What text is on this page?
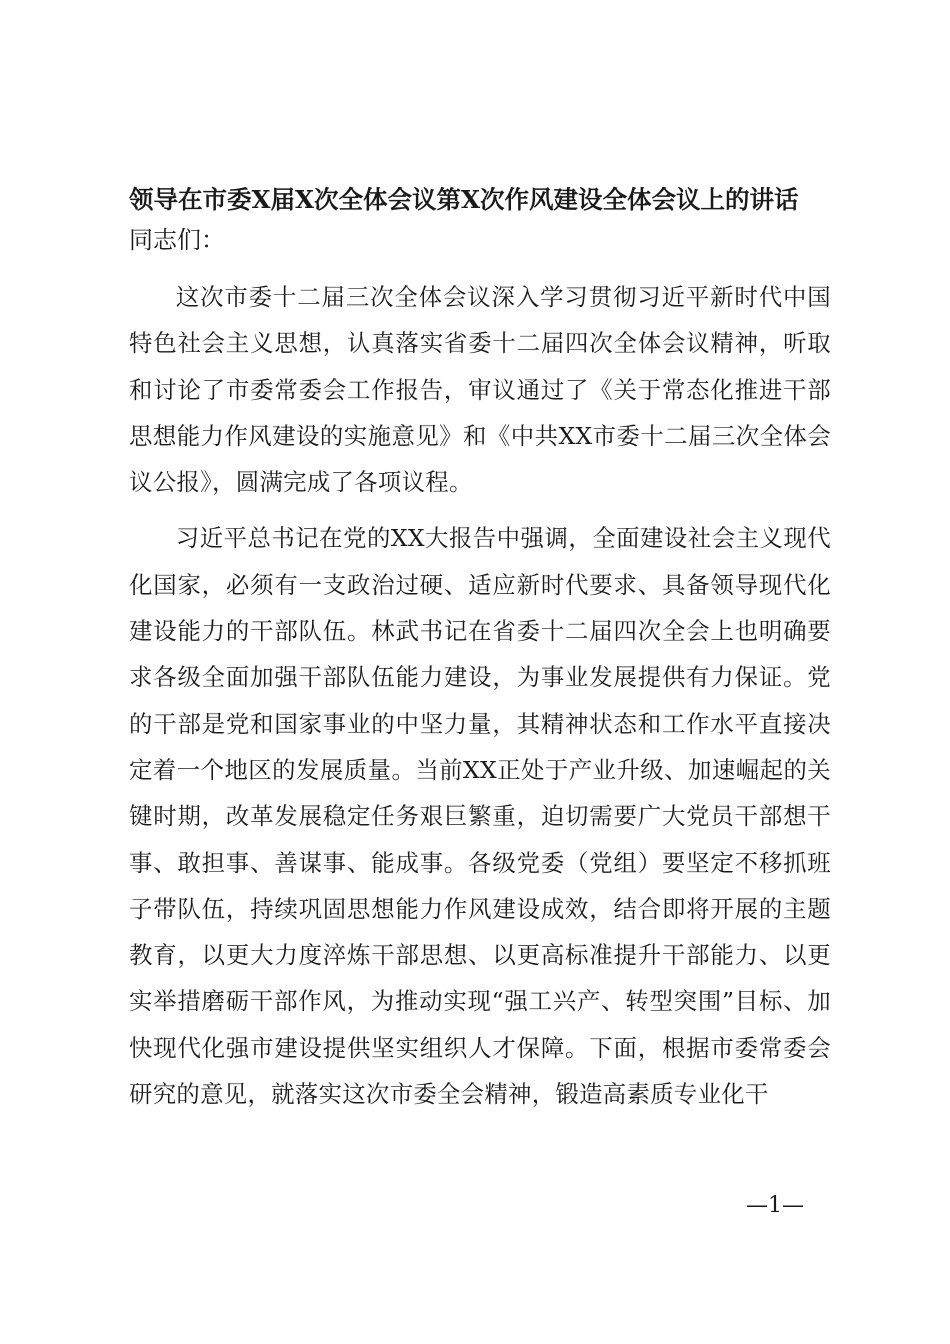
领导在市委X届X次全体会议第X次作风建设全体会议上的讲话

同志们：

这次市委十二届三次全体会议深入学习贯彻习近平新时代中国特色社会主义思想，认真落实省委十二届四次全体会议精神，听取和讨论了市委常委会工作报告，审议通过了《关于常态化推进干部思想能力作风建设的实施意见》和《中共XX市委十二届三次全体会议公报》，圆满完成了各项议程。

习近平总书记在党的XX大报告中强调，全面建设社会主义现代化国家，必须有一支政治过硬、适应新时代要求、具备领导现代化建设能力的干部队伍。林武书记在省委十二届四次全会上也明确要求各级全面加强干部队伍能力建设，为事业发展提供有力保证。党的干部是党和国家事业的中坚力量，其精神状态和工作水平直接决定着一个地区的发展质量。当前XX正处于产业升级、加速崛起的关键时期，改革发展稳定任务艰巨繁重，迫切需要广大党员干部想干事、敢担事、善谋事、能成事。各级党委（党组）要坚定不移抓班子带队伍，持续巩固思想能力作风建设成效，结合即将开展的主题教育，以更大力度淬炼干部思想、以更高标准提升干部能力、以更实举措磨砺干部作风，为推动实现“强工兴产、转型突围”目标、加快现代化强市建设提供坚实组织人才保障。下面，根据市委常委会研究的意见，就落实这次市委全会精神，锻造高素质专业化干

—1—
